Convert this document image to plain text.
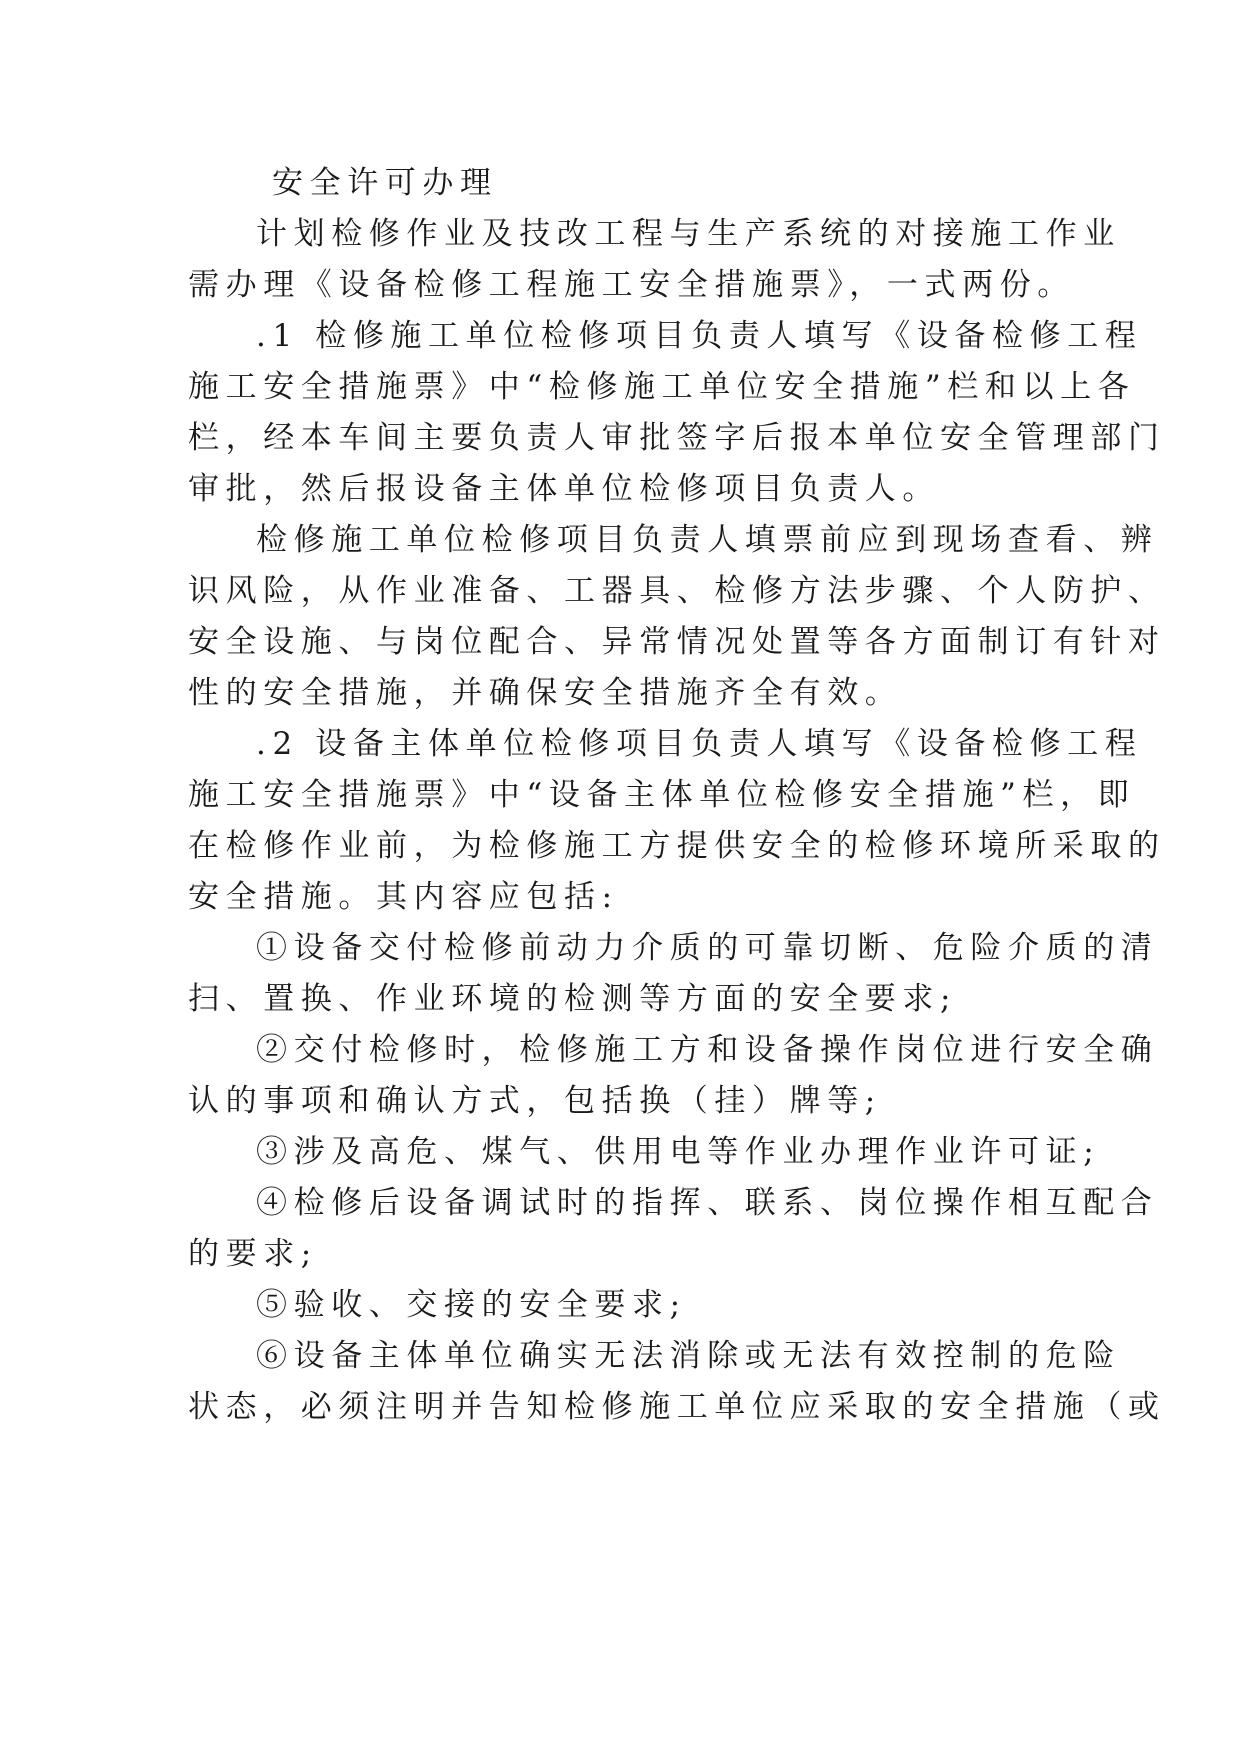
安全许可办理
计划检修作业及技改工程与生产系统的对接施工作业
需办理《设备检修工程施工安全措施票》，一式两份。
.1 检修施工单位检修项目负责人填写《设备检修工程
施工安全措施票》中“检修施工单位安全措施”栏和以上各
栏，经本车间主要负责人审批签字后报本单位安全管理部门
审批，然后报设备主体单位检修项目负责人。
检修施工单位检修项目负责人填票前应到现场查看、辨
识风险，从作业准备、工器具、检修方法步骤、个人防护、
安全设施、与岗位配合、异常情况处置等各方面制订有针对
性的安全措施，并确保安全措施齐全有效。
.2 设备主体单位检修项目负责人填写《设备检修工程
施工安全措施票》中“设备主体单位检修安全措施”栏，即
在检修作业前，为检修施工方提供安全的检修环境所采取的
安全措施。其内容应包括:
①设备交付检修前动力介质的可靠切断、危险介质的清
扫、置换、作业环境的检测等方面的安全要求;
②交付检修时，检修施工方和设备操作岗位进行安全确
认的事项和确认方式，包括换（挂）牌等;
③涉及高危、煤气、供用电等作业办理作业许可证;
④检修后设备调试时的指挥、联系、岗位操作相互配合
的要求;
⑤验收、交接的安全要求;
⑥设备主体单位确实无法消除或无法有效控制的危险
状态，必须注明并告知检修施工单位应采取的安全措施（或
